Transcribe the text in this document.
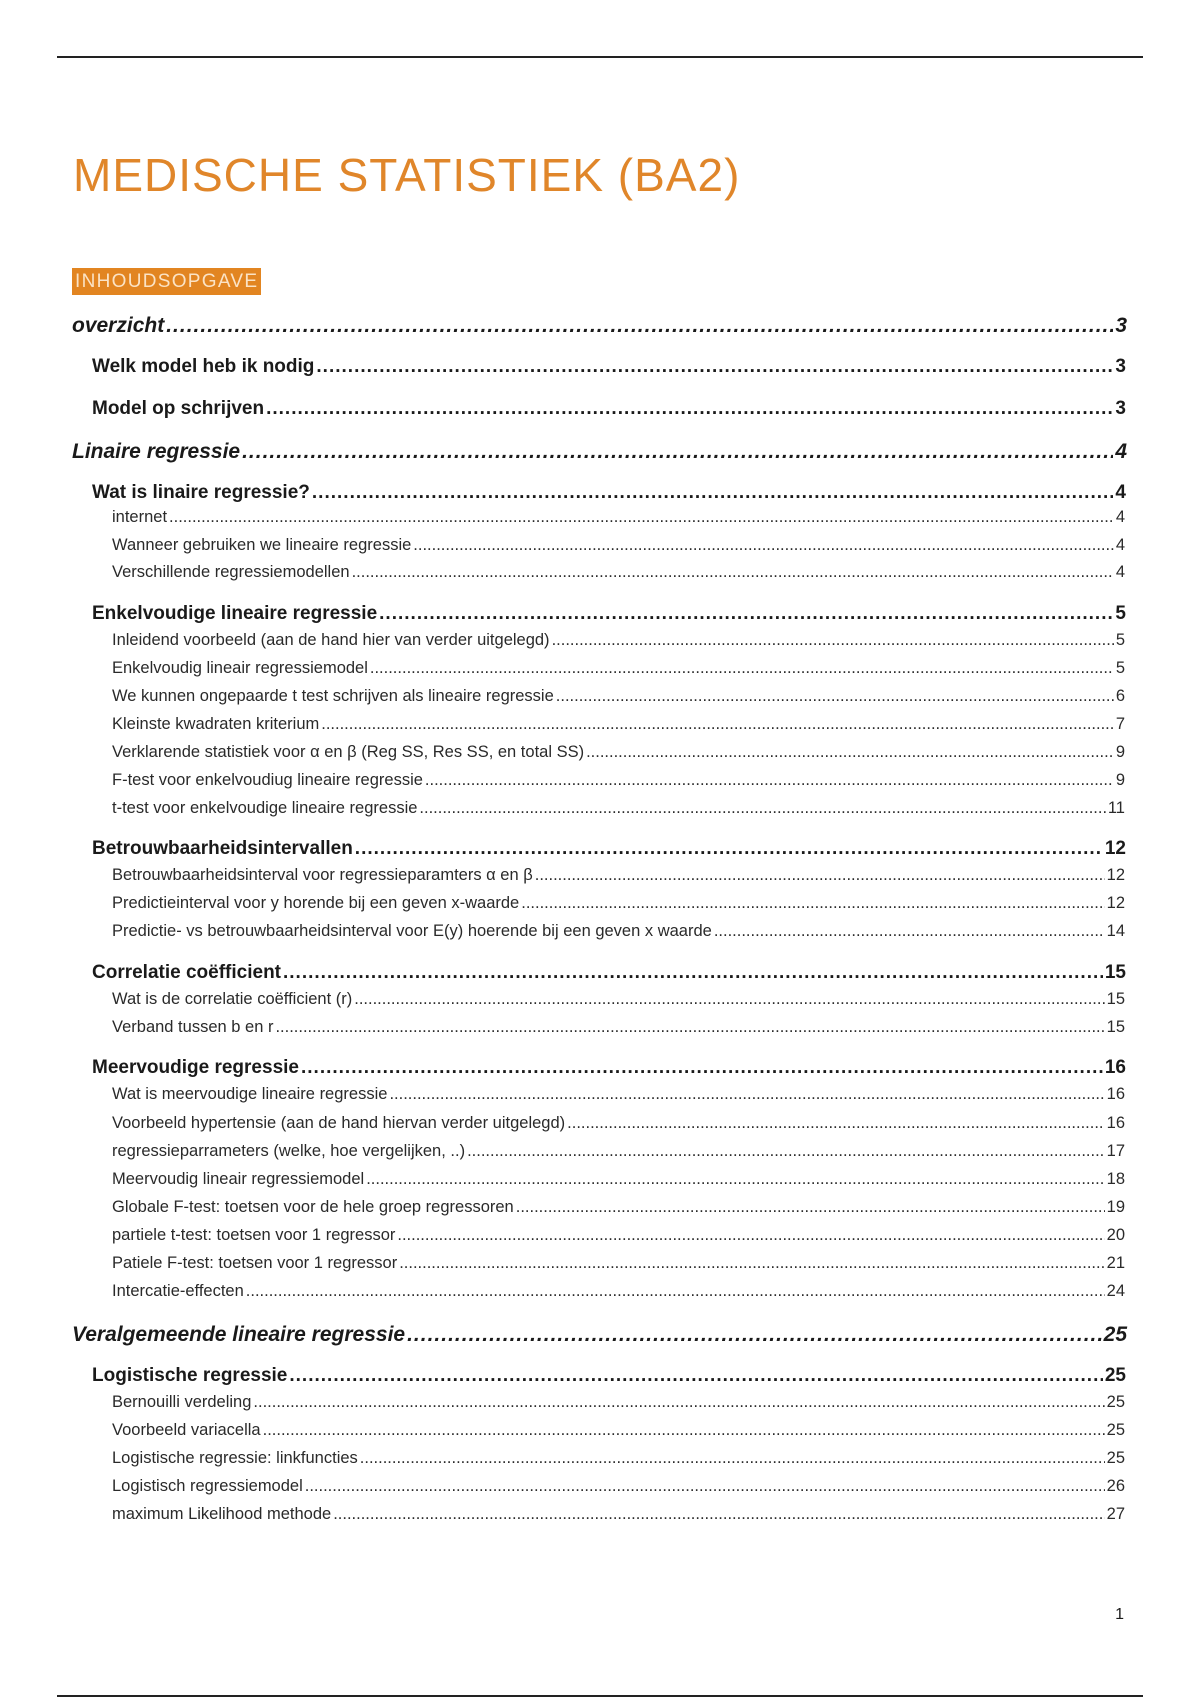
MEDISCHE STATISTIEK (BA2)
INHOUDSOPGAVE
overzicht .....	3
Welk model heb ik nodig .....	3
Model op schrijven .....	3
Linaire regressie .....	4
Wat is linaire regressie? .....	4
internet .....	4
Wanneer gebruiken we lineaire regressie .....	4
Verschillende regressiemodellen .....	4
Enkelvoudige lineaire regressie .....	5
Inleidend voorbeeld (aan de hand hier van verder uitgelegd) .....	5
Enkelvoudig lineair regressiemodel .....	5
We kunnen ongepaarde t test schrijven als lineaire regressie .....	6
Kleinste kwadraten kriterium .....	7
Verklarende statistiek voor α en β (Reg SS, Res SS, en total SS) .....	9
F-test voor enkelvoudiug lineaire regressie .....	9
t-test voor enkelvoudige lineaire regressie .....	11
Betrouwbaarheidsintervallen .....	12
Betrouwbaarheidsinterval voor regressieparamters α en β .....	12
Predictieinterval voor y horende bij een geven x-waarde .....	12
Predictie- vs betrouwbaarheidsinterval voor E(y) hoerende bij een geven x waarde .....	14
Correlatie coëfficient .....	15
Wat is de correlatie coëfficient (r) .....	15
Verband tussen b en r .....	15
Meervoudige regressie .....	16
Wat is meervoudige lineaire regressie .....	16
Voorbeeld hypertensie (aan de hand hiervan verder uitgelegd) .....	16
regressieparrameters (welke, hoe vergelijken, ..) .....	17
Meervoudig lineair regressiemodel .....	18
Globale F-test: toetsen voor de hele groep regressoren .....	19
partiele t-test: toetsen voor 1 regressor .....	20
Patiele F-test: toetsen voor 1 regressor .....	21
Intercatie-effecten .....	24
Veralgemeende lineaire regressie .....	25
Logistische regressie .....	25
Bernouilli verdeling .....	25
Voorbeeld variacella .....	25
Logistische regressie: linkfuncties .....	25
Logistisch regressiemodel .....	26
maximum Likelihood methode .....	27
1
